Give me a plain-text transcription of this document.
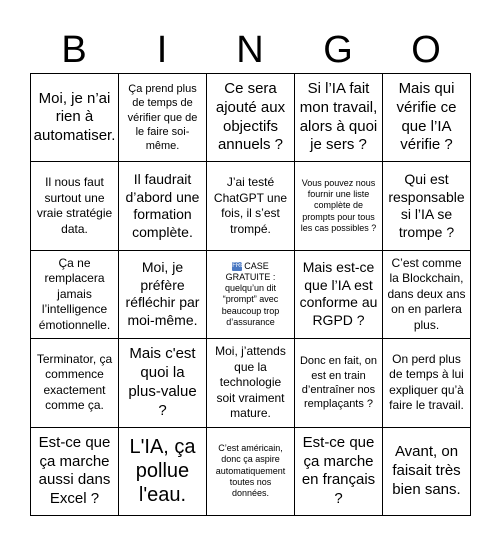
B	I	N	G	O
Moi, je n’ai rien à automatiser.
Ça prend plus de temps de vérifier que de le faire soi-même.
Ce sera ajouté aux objectifs annuels ?
Si l’IA fait mon travail, alors à quoi je sers ?
Mais qui vérifie ce que l’IA vérifie ?
Il nous faut surtout une vraie stratégie data.
Il faudrait d’abord une formation complète.
J’ai testé ChatGPT une fois, il s’est trompé.
Vous pouvez nous fournir une liste complète de prompts pour tous les cas possibles ?
Qui est responsable si l’IA se trompe ?
Ça ne remplacera jamais l’intelligence émotionnelle.
Moi, je préfère réfléchir par moi-même.
FREECASE GRATUITE : quelqu’un dit “prompt” avec beaucoup trop d’assurance
Mais est-ce que l’IA est conforme au RGPD ?
C’est comme la Blockchain, dans deux ans on en parlera plus.
Terminator, ça commence exactement comme ça.
Mais c'est quoi la plus-value ?
Moi, j’attends que la technologie soit vraiment mature.
Donc en fait, on est en train d’entraîner nos remplaçants ?
On perd plus de temps à lui expliquer qu’à faire le travail.
Est-ce que ça marche aussi dans Excel ?
L'IA, ça pollue l'eau.
C’est américain, donc ça aspire automatiquement toutes nos données.
Est-ce que ça marche en français ?
Avant, on faisait très bien sans.
